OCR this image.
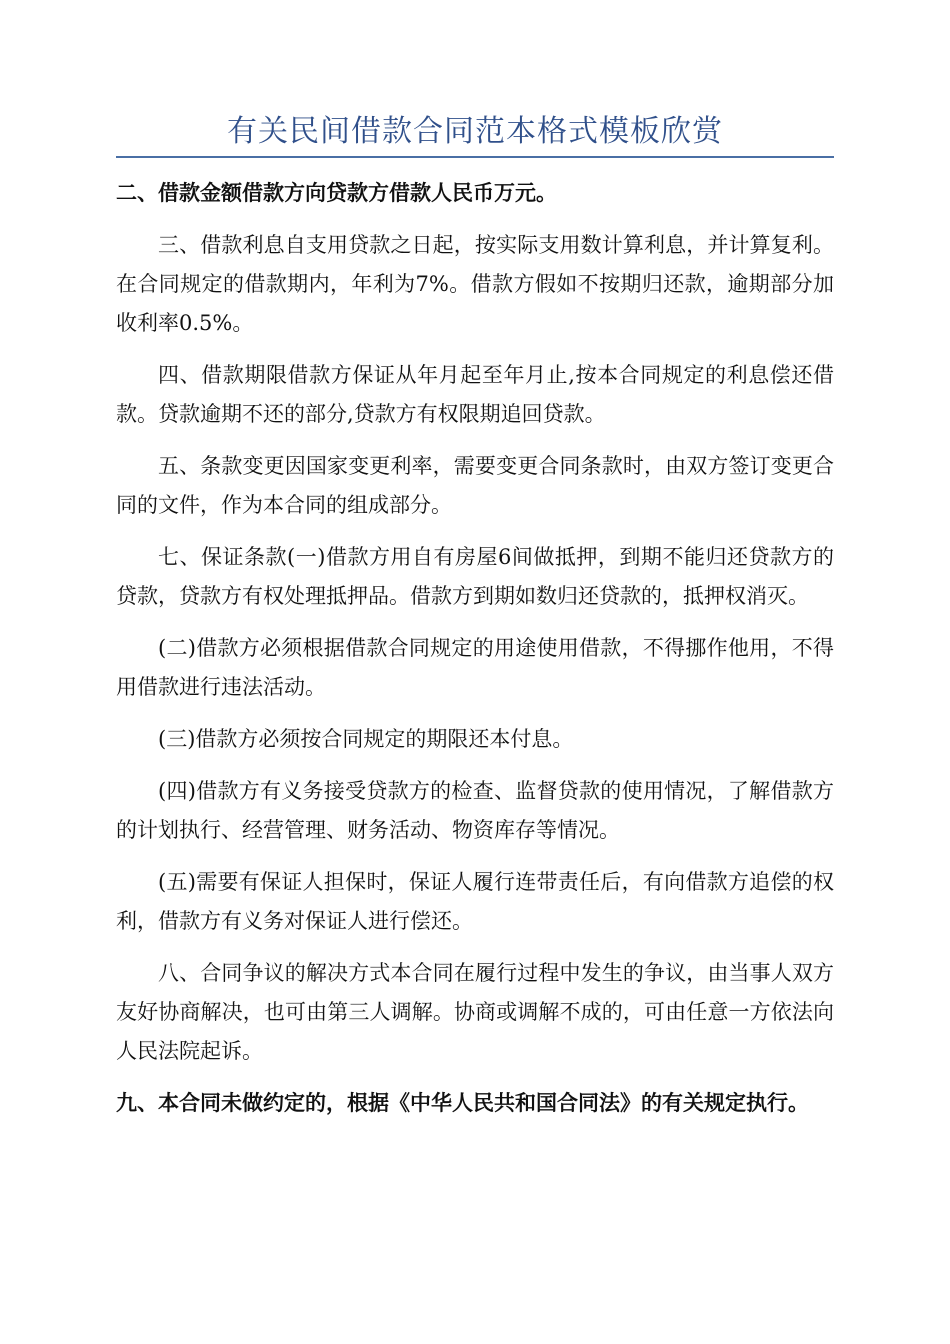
有关民间借款合同范本格式模板欣赏

二、借款金额借款方向贷款方借款人民币万元。

三、借款利息自支用贷款之日起，按实际支用数计算利息，并计算复利。在合同规定的借款期内，年利为7%。借款方假如不按期归还款，逾期部分加收利率0.5%。

四、借款期限借款方保证从年月起至年月止,按本合同规定的利息偿还借款。贷款逾期不还的部分,贷款方有权限期追回贷款。

五、条款变更因国家变更利率，需要变更合同条款时，由双方签订变更合同的文件，作为本合同的组成部分。

七、保证条款(一)借款方用自有房屋6间做抵押，到期不能归还贷款方的贷款，贷款方有权处理抵押品。借款方到期如数归还贷款的，抵押权消灭。

(二)借款方必须根据借款合同规定的用途使用借款，不得挪作他用，不得用借款进行违法活动。

(三)借款方必须按合同规定的期限还本付息。

(四)借款方有义务接受贷款方的检查、监督贷款的使用情况，了解借款方的计划执行、经营管理、财务活动、物资库存等情况。

(五)需要有保证人担保时，保证人履行连带责任后，有向借款方追偿的权利，借款方有义务对保证人进行偿还。

八、合同争议的解决方式本合同在履行过程中发生的争议，由当事人双方友好协商解决，也可由第三人调解。协商或调解不成的，可由任意一方依法向人民法院起诉。

九、本合同未做约定的，根据《中华人民共和国合同法》的有关规定执行。
